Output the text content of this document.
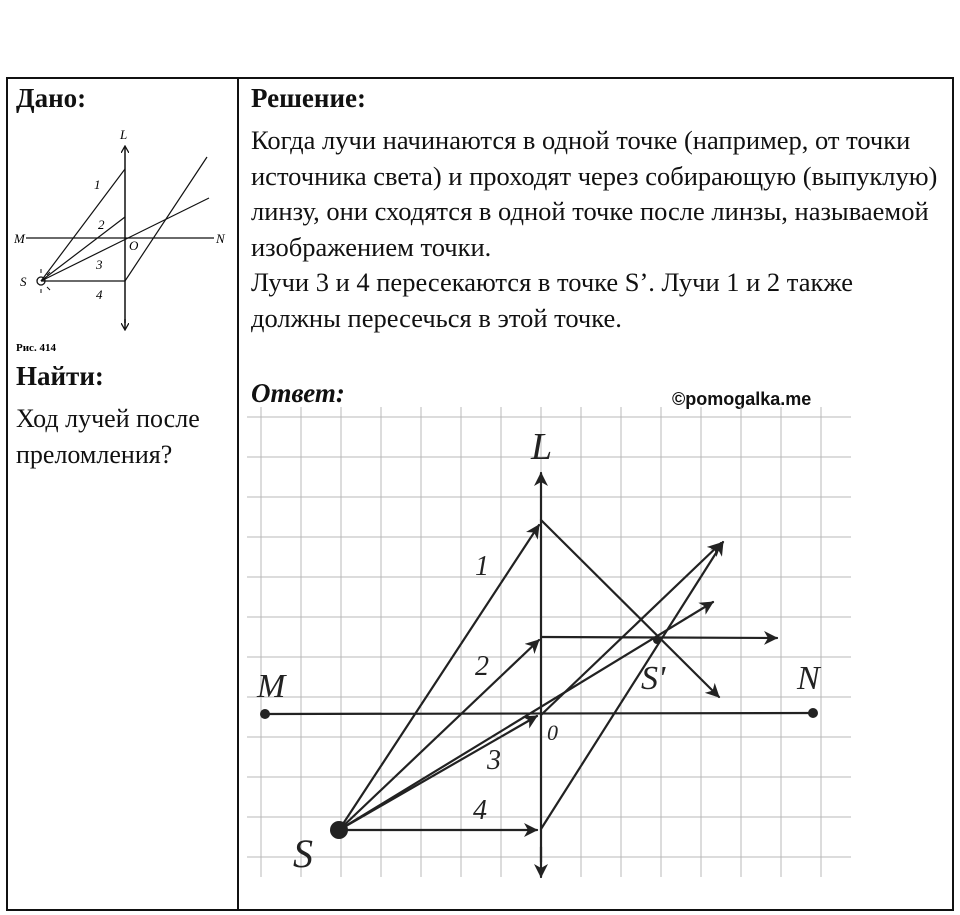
Дано:
L
M	N
O
S
1
2
3
4
Рис. 414
Найти:
Ход лучей после преломления?
Решение:
Когда лучи начинаются в одной точке (например, от точки источника света) и проходят через собирающую (выпуклую) линзу, они сходятся в одной точке после линзы, называемой изображением точки.
Лучи 3 и 4 пересекаются в точке S’. Лучи 1 и 2 также должны пересечься в этой точке.
Ответ:	©pomogalka.me
L
M	N
0
S
S'
1
2
3
4
